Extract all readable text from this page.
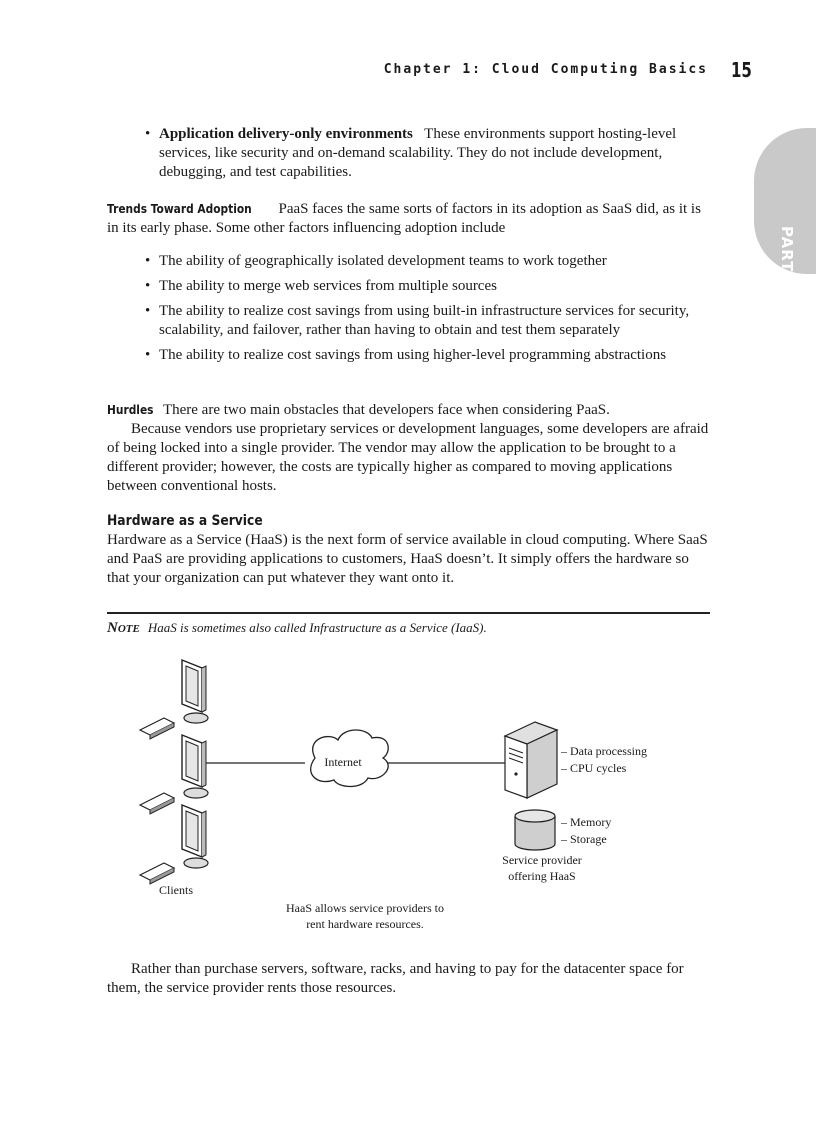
Chapter 1: Cloud Computing Basics 15
PART I

• Application delivery-only environments These environments support hosting-level services, like security and on-demand scalability. They do not include development, debugging, and test capabilities.

Trends Toward Adoption PaaS faces the same sorts of factors in its adoption as SaaS did, as it is in its early phase. Some other factors influencing adoption include

• The ability of geographically isolated development teams to work together

• The ability to merge web services from multiple sources

• The ability to realize cost savings from using built-in infrastructure services for security, scalability, and failover, rather than having to obtain and test them separately

• The ability to realize cost savings from using higher-level programming abstractions

Hurdles There are two main obstacles that developers face when considering PaaS.

Because vendors use proprietary services or development languages, some developers are afraid of being locked into a single provider. The vendor may allow the application to be brought to a different provider; however, the costs are typically higher as compared to moving applications between conventional hosts.

Hardware as a Service

Hardware as a Service (HaaS) is the next form of service available in cloud computing. Where SaaS and PaaS are providing applications to customers, HaaS doesn’t. It simply offers the hardware so that your organization can put whatever they want onto it.

Note HaaS is sometimes also called Infrastructure as a Service (IaaS).
Internet
– Data processing
– CPU cycles
– Memory
– Storage
Service provider
offering HaaS
Clients
HaaS allows service providers to
rent hardware resources.

Rather than purchase servers, software, racks, and having to pay for the datacenter space for them, the service provider rents those resources.
